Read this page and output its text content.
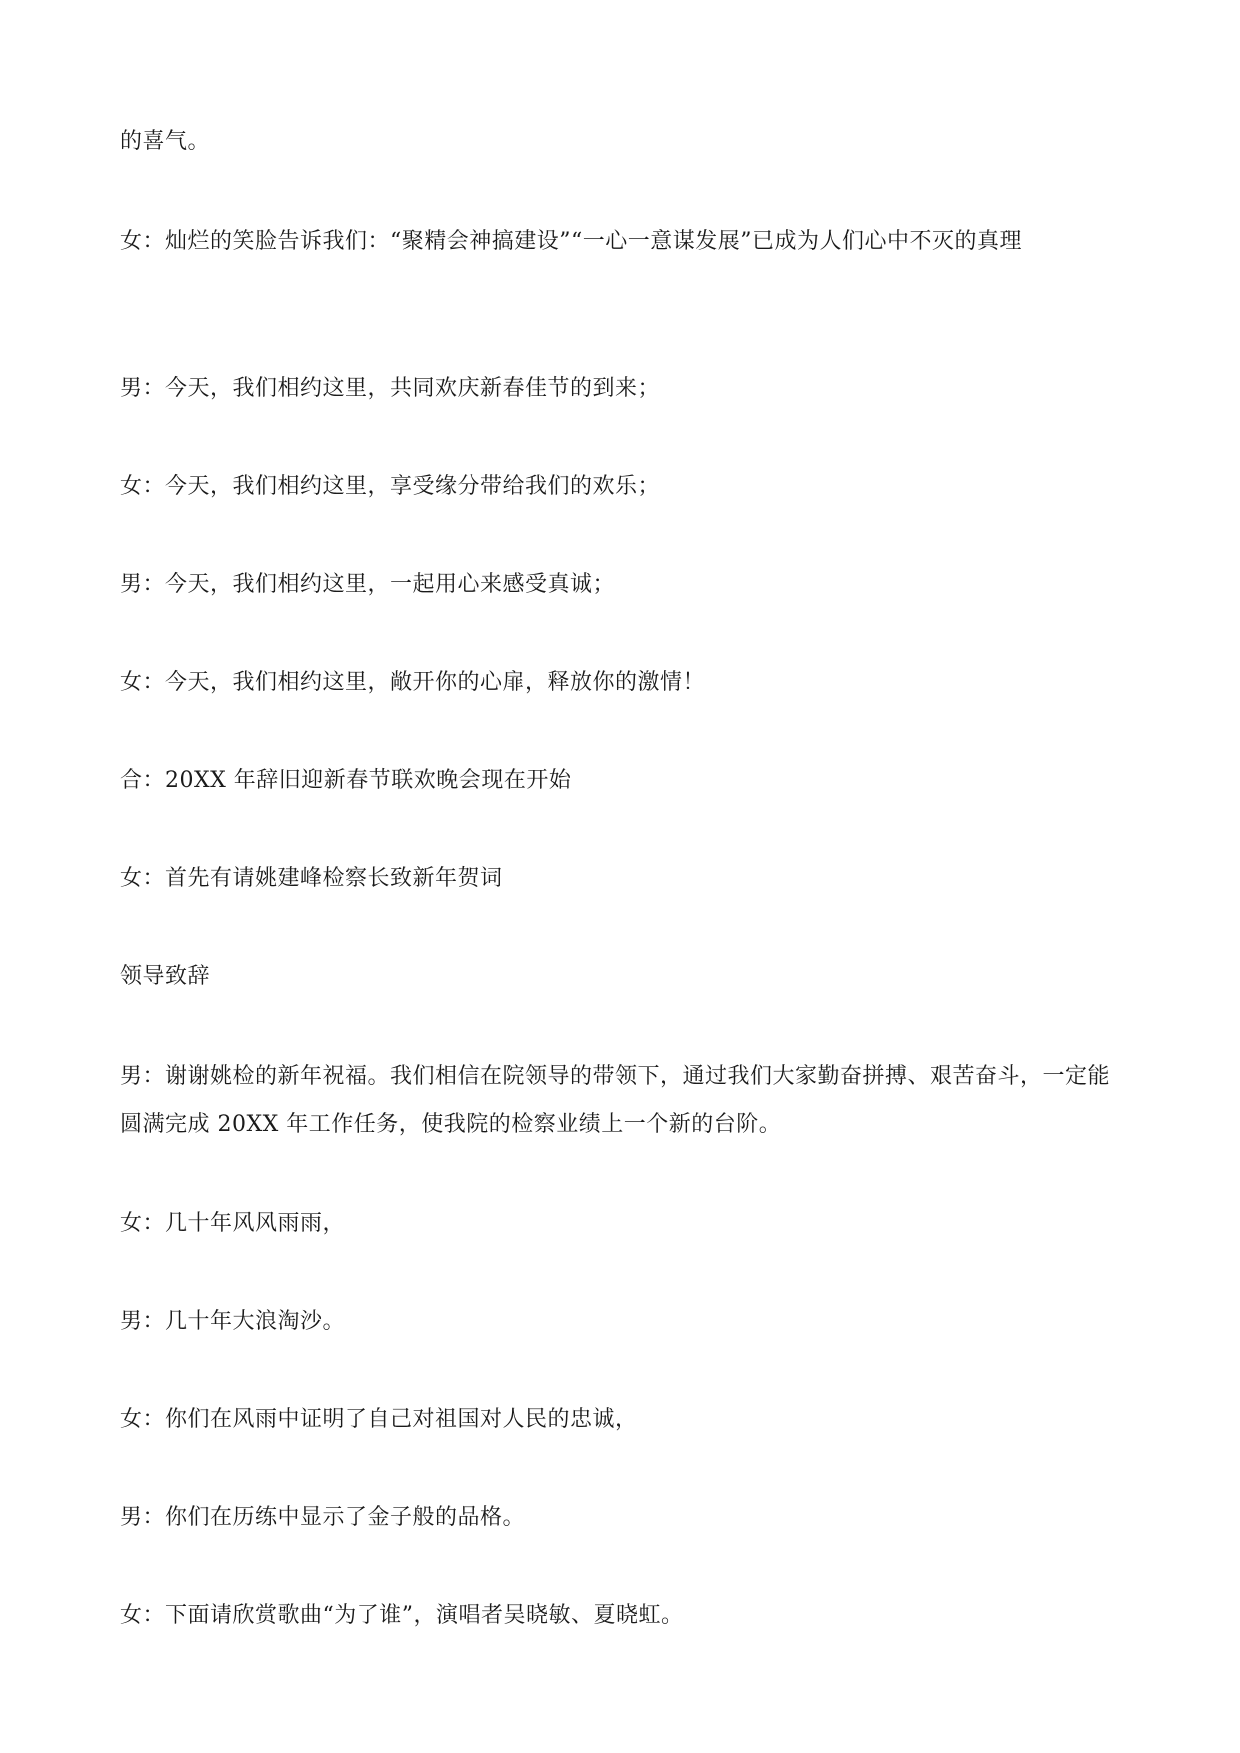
的喜气。

女：灿烂的笑脸告诉我们：“聚精会神搞建设”“一心一意谋发展”已成为人们心中不灭的真理

男：今天，我们相约这里，共同欢庆新春佳节的到来；

女：今天，我们相约这里，享受缘分带给我们的欢乐；

男：今天，我们相约这里，一起用心来感受真诚；

女：今天，我们相约这里，敞开你的心扉，释放你的激情！

合：20XX 年辞旧迎新春节联欢晚会现在开始

女：首先有请姚建峰检察长致新年贺词

领导致辞

男：谢谢姚检的新年祝福。我们相信在院领导的带领下，通过我们大家勤奋拼搏、艰苦奋斗，一定能圆满完成 20XX 年工作任务，使我院的检察业绩上一个新的台阶。

女：几十年风风雨雨，

男：几十年大浪淘沙。

女：你们在风雨中证明了自己对祖国对人民的忠诚，

男：你们在历练中显示了金子般的品格。

女：下面请欣赏歌曲“为了谁”，演唱者吴晓敏、夏晓虹。
